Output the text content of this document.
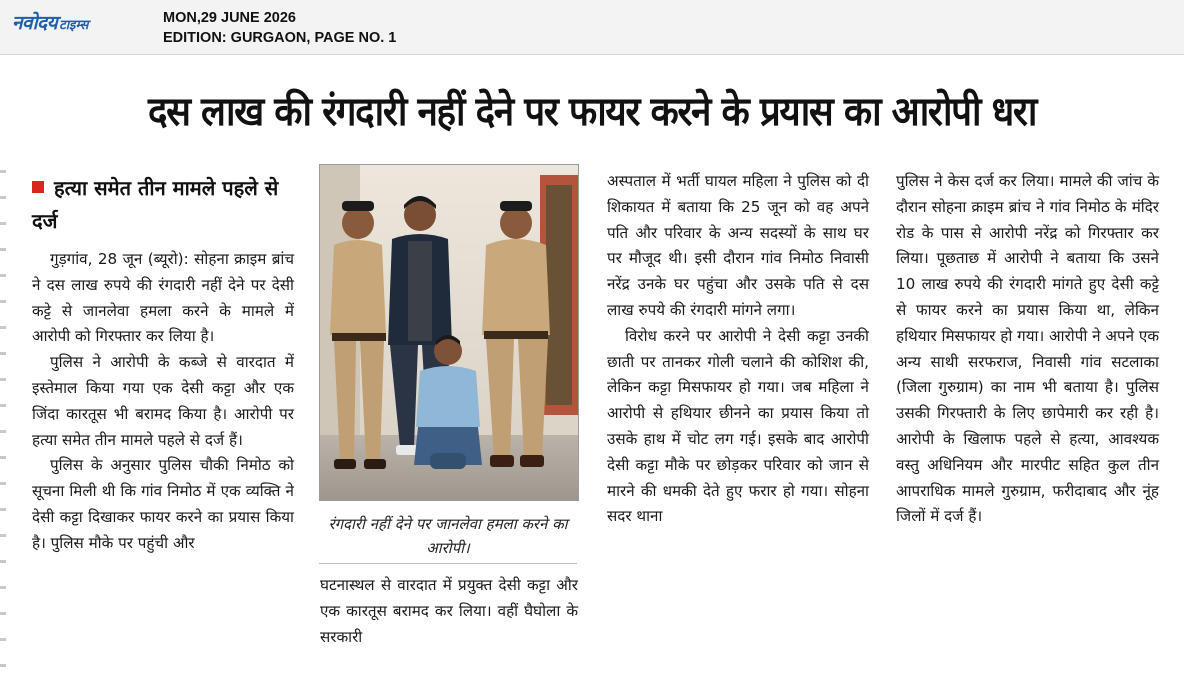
नवोदय टाइम्स	MON,29 JUNE 2026
EDITION: GURGAON, PAGE NO. 1
दस लाख की रंगदारी नहीं देने पर फायर करने के प्रयास का आरोपी धरा
हत्या समेत तीन मामले पहले से दर्ज

गुड़गांव, 28 जून (ब्यूरो): सोहना क्राइम ब्रांच ने दस लाख रुपये की रंगदारी नहीं देने पर देसी कट्टे से जानलेवा हमला करने के मामले में आरोपी को गिरफ्तार कर लिया है।

पुलिस ने आरोपी के कब्जे से वारदात में इस्तेमाल किया गया एक देसी कट्टा और एक जिंदा कारतूस भी बरामद किया है। आरोपी पर हत्या समेत तीन मामले पहले से दर्ज हैं।

पुलिस के अनुसार पुलिस चौकी निमोठ को सूचना मिली थी कि गांव निमोठ में एक व्यक्ति ने देसी कट्टा दिखाकर फायर करने का प्रयास किया है। पुलिस मौके पर पहुंची और

रंगदारी नहीं देने पर जानलेवा हमला करने का आरोपी।

घटनास्थल से वारदात में प्रयुक्त देसी कट्टा और एक कारतूस बरामद कर लिया। वहीं घैघोला के सरकारी

अस्पताल में भर्ती घायल महिला ने पुलिस को दी शिकायत में बताया कि 25 जून को वह अपने पति और परिवार के अन्य सदस्यों के साथ घर पर मौजूद थी। इसी दौरान गांव निमोठ निवासी नरेंद्र उनके घर पहुंचा और उसके पति से दस लाख रुपये की रंगदारी मांगने लगा।

विरोध करने पर आरोपी ने देसी कट्टा उनकी छाती पर तानकर गोली चलाने की कोशिश की, लेकिन कट्टा मिसफायर हो गया। जब महिला ने आरोपी से हथियार छीनने का प्रयास किया तो उसके हाथ में चोट लग गई। इसके बाद आरोपी देसी कट्टा मौके पर छोड़कर परिवार को जान से मारने की धमकी देते हुए फरार हो गया। सोहना सदर थाना

पुलिस ने केस दर्ज कर लिया। मामले की जांच के दौरान सोहना क्राइम ब्रांच ने गांव निमोठ के मंदिर रोड के पास से आरोपी नरेंद्र को गिरफ्तार कर लिया। पूछताछ में आरोपी ने बताया कि उसने 10 लाख रुपये की रंगदारी मांगते हुए देसी कट्टे से फायर करने का प्रयास किया था, लेकिन हथियार मिसफायर हो गया। आरोपी ने अपने एक अन्य साथी सरफराज, निवासी गांव सटलाका (जिला गुरुग्राम) का नाम भी बताया है। पुलिस उसकी गिरफ्तारी के लिए छापेमारी कर रही है। आरोपी के खिलाफ पहले से हत्या, आवश्यक वस्तु अधिनियम और मारपीट सहित कुल तीन आपराधिक मामले गुरुग्राम, फरीदाबाद और नूंह जिलों में दर्ज हैं।
